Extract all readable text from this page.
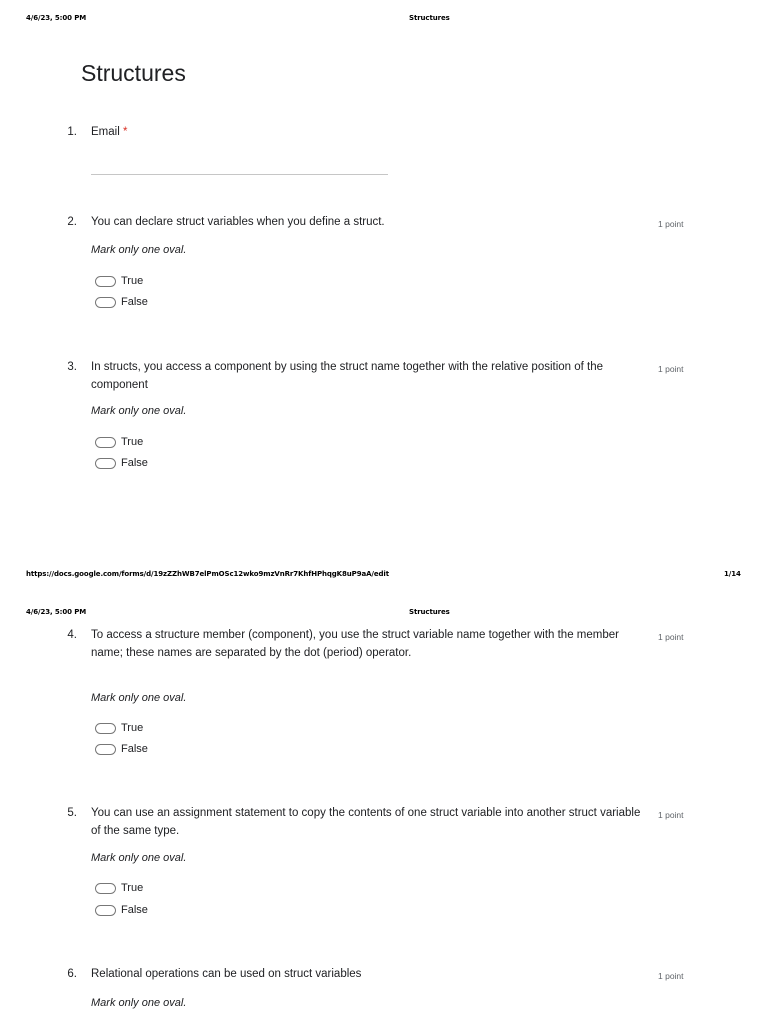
4/6/23, 5:00 PM	Structures
Structures
1. Email *
2. You can declare struct variables when you define a struct.	1 point
Mark only one oval.
True
False
3. In structs, you access a component by using the struct name together with the relative position of the component
1 point
Mark only one oval.
True
False
https://docs.google.com/forms/d/19zZZhWB7elPmOSc12wko9mzVnRr7KhfHPhqgK8uP9aA/edit	1/14
4/6/23, 5:00 PM	Structures
4. To access a structure member (component), you use the struct variable name together with the member name; these names are separated by the dot (period) operator.
1 point
Mark only one oval.
True
False
5. You can use an assignment statement to copy the contents of one struct variable into another struct variable of the same type.
1 point
Mark only one oval.
True
False
6. Relational operations can be used on struct variables	1 point
Mark only one oval.
